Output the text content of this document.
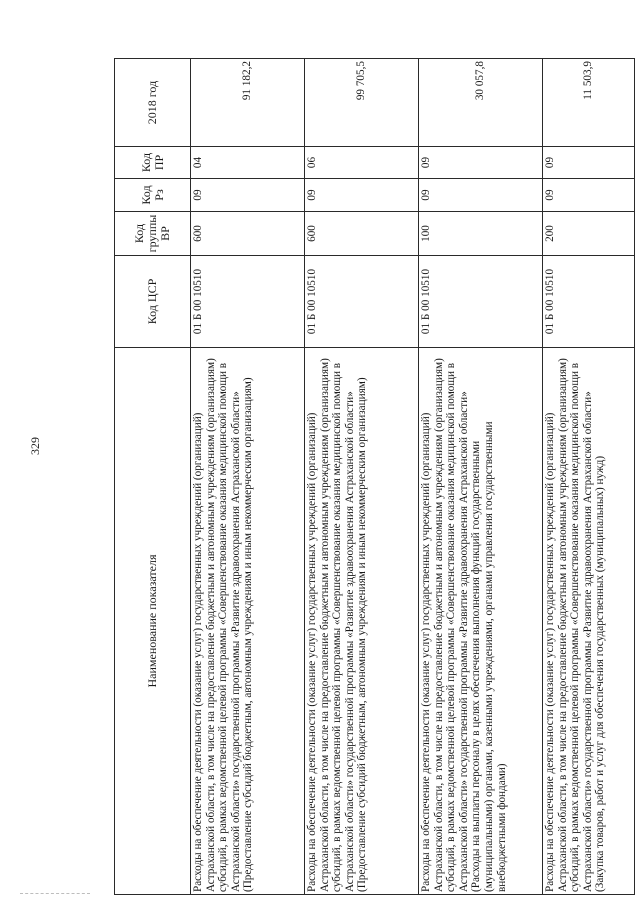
329
Наименование показателя	Код ЦСР	Код группы ВР	Код Рз	Код ПР	2018 год
Расходы на обеспечение деятельности (оказание услуг) государственных учреждений (организаций) Астраханской области, в том числе на предоставление бюджетным и автономным учреждениям (организациям) субсидий, в рамках ведомственной целевой программы «Совершенствование оказания медицинской помощи в Астраханской области» государственной программы «Развитие здравоохранения Астраханской области» (Предоставление субсидий бюджетным, автономным учреждениям и иным некоммерческим организациям)	01 Б 00 10510	600	09	04	91 182,2
Расходы на обеспечение деятельности (оказание услуг) государственных учреждений (организаций) Астраханской области, в том числе на предоставление бюджетным и автономным учреждениям (организациям) субсидий, в рамках ведомственной целевой программы «Совершенствование оказания медицинской помощи в Астраханской области» государственной программы «Развитие здравоохранения Астраханской области» (Предоставление субсидий бюджетным, автономным учреждениям и иным некоммерческим организациям)	01 Б 00 10510	600	09	06	99 705,5
Расходы на обеспечение деятельности (оказание услуг) государственных учреждений (организаций) Астраханской области, в том числе на предоставление бюджетным и автономным учреждениям (организациям) субсидий, в рамках ведомственной целевой программы «Совершенствование оказания медицинской помощи в Астраханской области» государственной программы «Развитие здравоохранения Астраханской области» (Расходы на выплаты персоналу в целях обеспечения выполнения функций государственными (муниципальными) органами, казенными учреждениями, органами управления государственными внебюджетными фондами)	01 Б 00 10510	100	09	09	30 057,8
Расходы на обеспечение деятельности (оказание услуг) государственных учреждений (организаций) Астраханской области, в том числе на предоставление бюджетным и автономным учреждениям (организациям) субсидий, в рамках ведомственной целевой программы «Совершенствование оказания медицинской помощи в Астраханской области» государственной программы «Развитие здравоохранения Астраханской области» (Закупка товаров, работ и услуг для обеспечения государственных (муниципальных) нужд)	01 Б 00 10510	200	09	09	11 503,9
